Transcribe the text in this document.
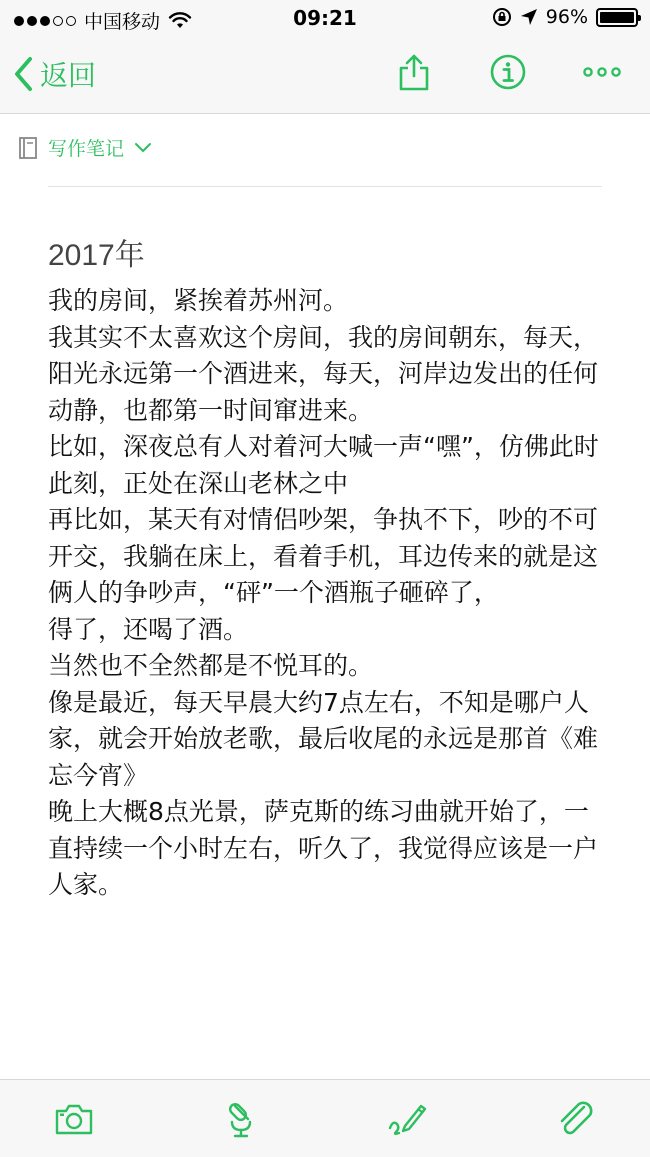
中国移动	09:21	96%
返回
写作笔记
2017年

我的房间，紧挨着苏州河。

我其实不太喜欢这个房间，我的房间朝东，每天，阳光永远第一个酒进来，每天，河岸边发出的任何动静，也都第一时间窜进来。

比如，深夜总有人对着河大喊一声“嘿”，仿佛此时此刻，正处在深山老林之中

再比如，某天有对情侣吵架，争执不下，吵的不可开交，我躺在床上，看着手机，耳边传来的就是这俩人的争吵声，“砰”一个酒瓶子砸碎了，

得了，还喝了酒。

当然也不全然都是不悦耳的。

像是最近，每天早晨大约7点左右，不知是哪户人家，就会开始放老歌，最后收尾的永远是那首《难忘今宵》

晚上大概8点光景，萨克斯的练习曲就开始了，一直持续一个小时左右，听久了，我觉得应该是一户人家。
